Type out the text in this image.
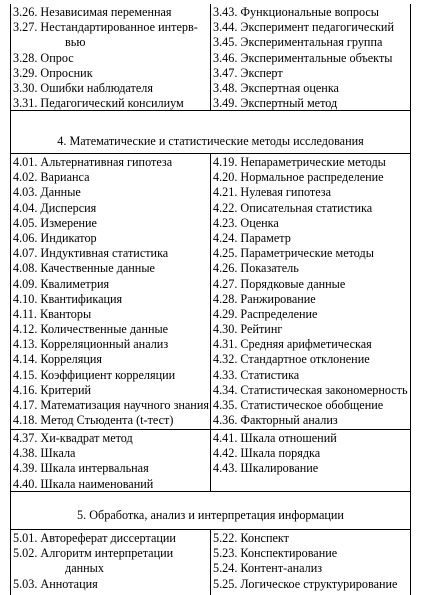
3.26. Независимая переменная
3.27. Нестандартированное интерв-
вью
3.28. Опрос
3.29. Опросник
3.30. Ошибки наблюдателя
3.31. Педагогический консилиум
3.43. Функциональные вопросы
3.44. Эксперимент педагогический
3.45. Экспериментальная группа
3.46. Экспериментальные объекты
3.47. Эксперт
3.48. Экспертная оценка
3.49. Экспертный метод
4. Математические и статистические методы исследования
4.01. Альтернативная гипотеза
4.02. Варианса
4.03. Данные
4.04. Дисперсия
4.05. Измерение
4.06. Индикатор
4.07. Индуктивная статистика
4.08. Качественные данные
4.09. Квалиметрия
4.10. Квантификация
4.11. Кванторы
4.12. Количественные данные
4.13. Корреляционный анализ
4.14. Корреляция
4.15. Коэффициент корреляции
4.16. Критерий
4.17. Математизация научного знания
4.18. Метод Стьюдента (t-тест)
4.19. Непараметрические методы
4.20. Нормальное распределение
4.21. Нулевая гипотеза
4.22. Описательная статистика
4.23. Оценка
4.24. Параметр
4.25. Параметрические методы
4.26. Показатель
4.27. Порядковые данные
4.28. Ранжирование
4.29. Распределение
4.30. Рейтинг
4.31. Средняя арифметическая
4.32. Стандартное отклонение
4.33. Статистика
4.34. Статистическая закономерность
4.35. Статистическое обобщение
4.36. Факторный анализ
4.37. Хи-квадрат метод
4.38. Шкала
4.39. Шкала интервальная
4.40. Шкала наименований
4.41. Шкала отношений
4.42. Шкала порядка
4.43. Шкалирование
5. Обработка, анализ и интерпретация информации
5.01. Автореферат диссертации
5.02. Алгоритм интерпретации
данных
5.03. Аннотация
5.22. Конспект
5.23. Конспектирование
5.24. Контент-анализ
5.25. Логическое структурирование
